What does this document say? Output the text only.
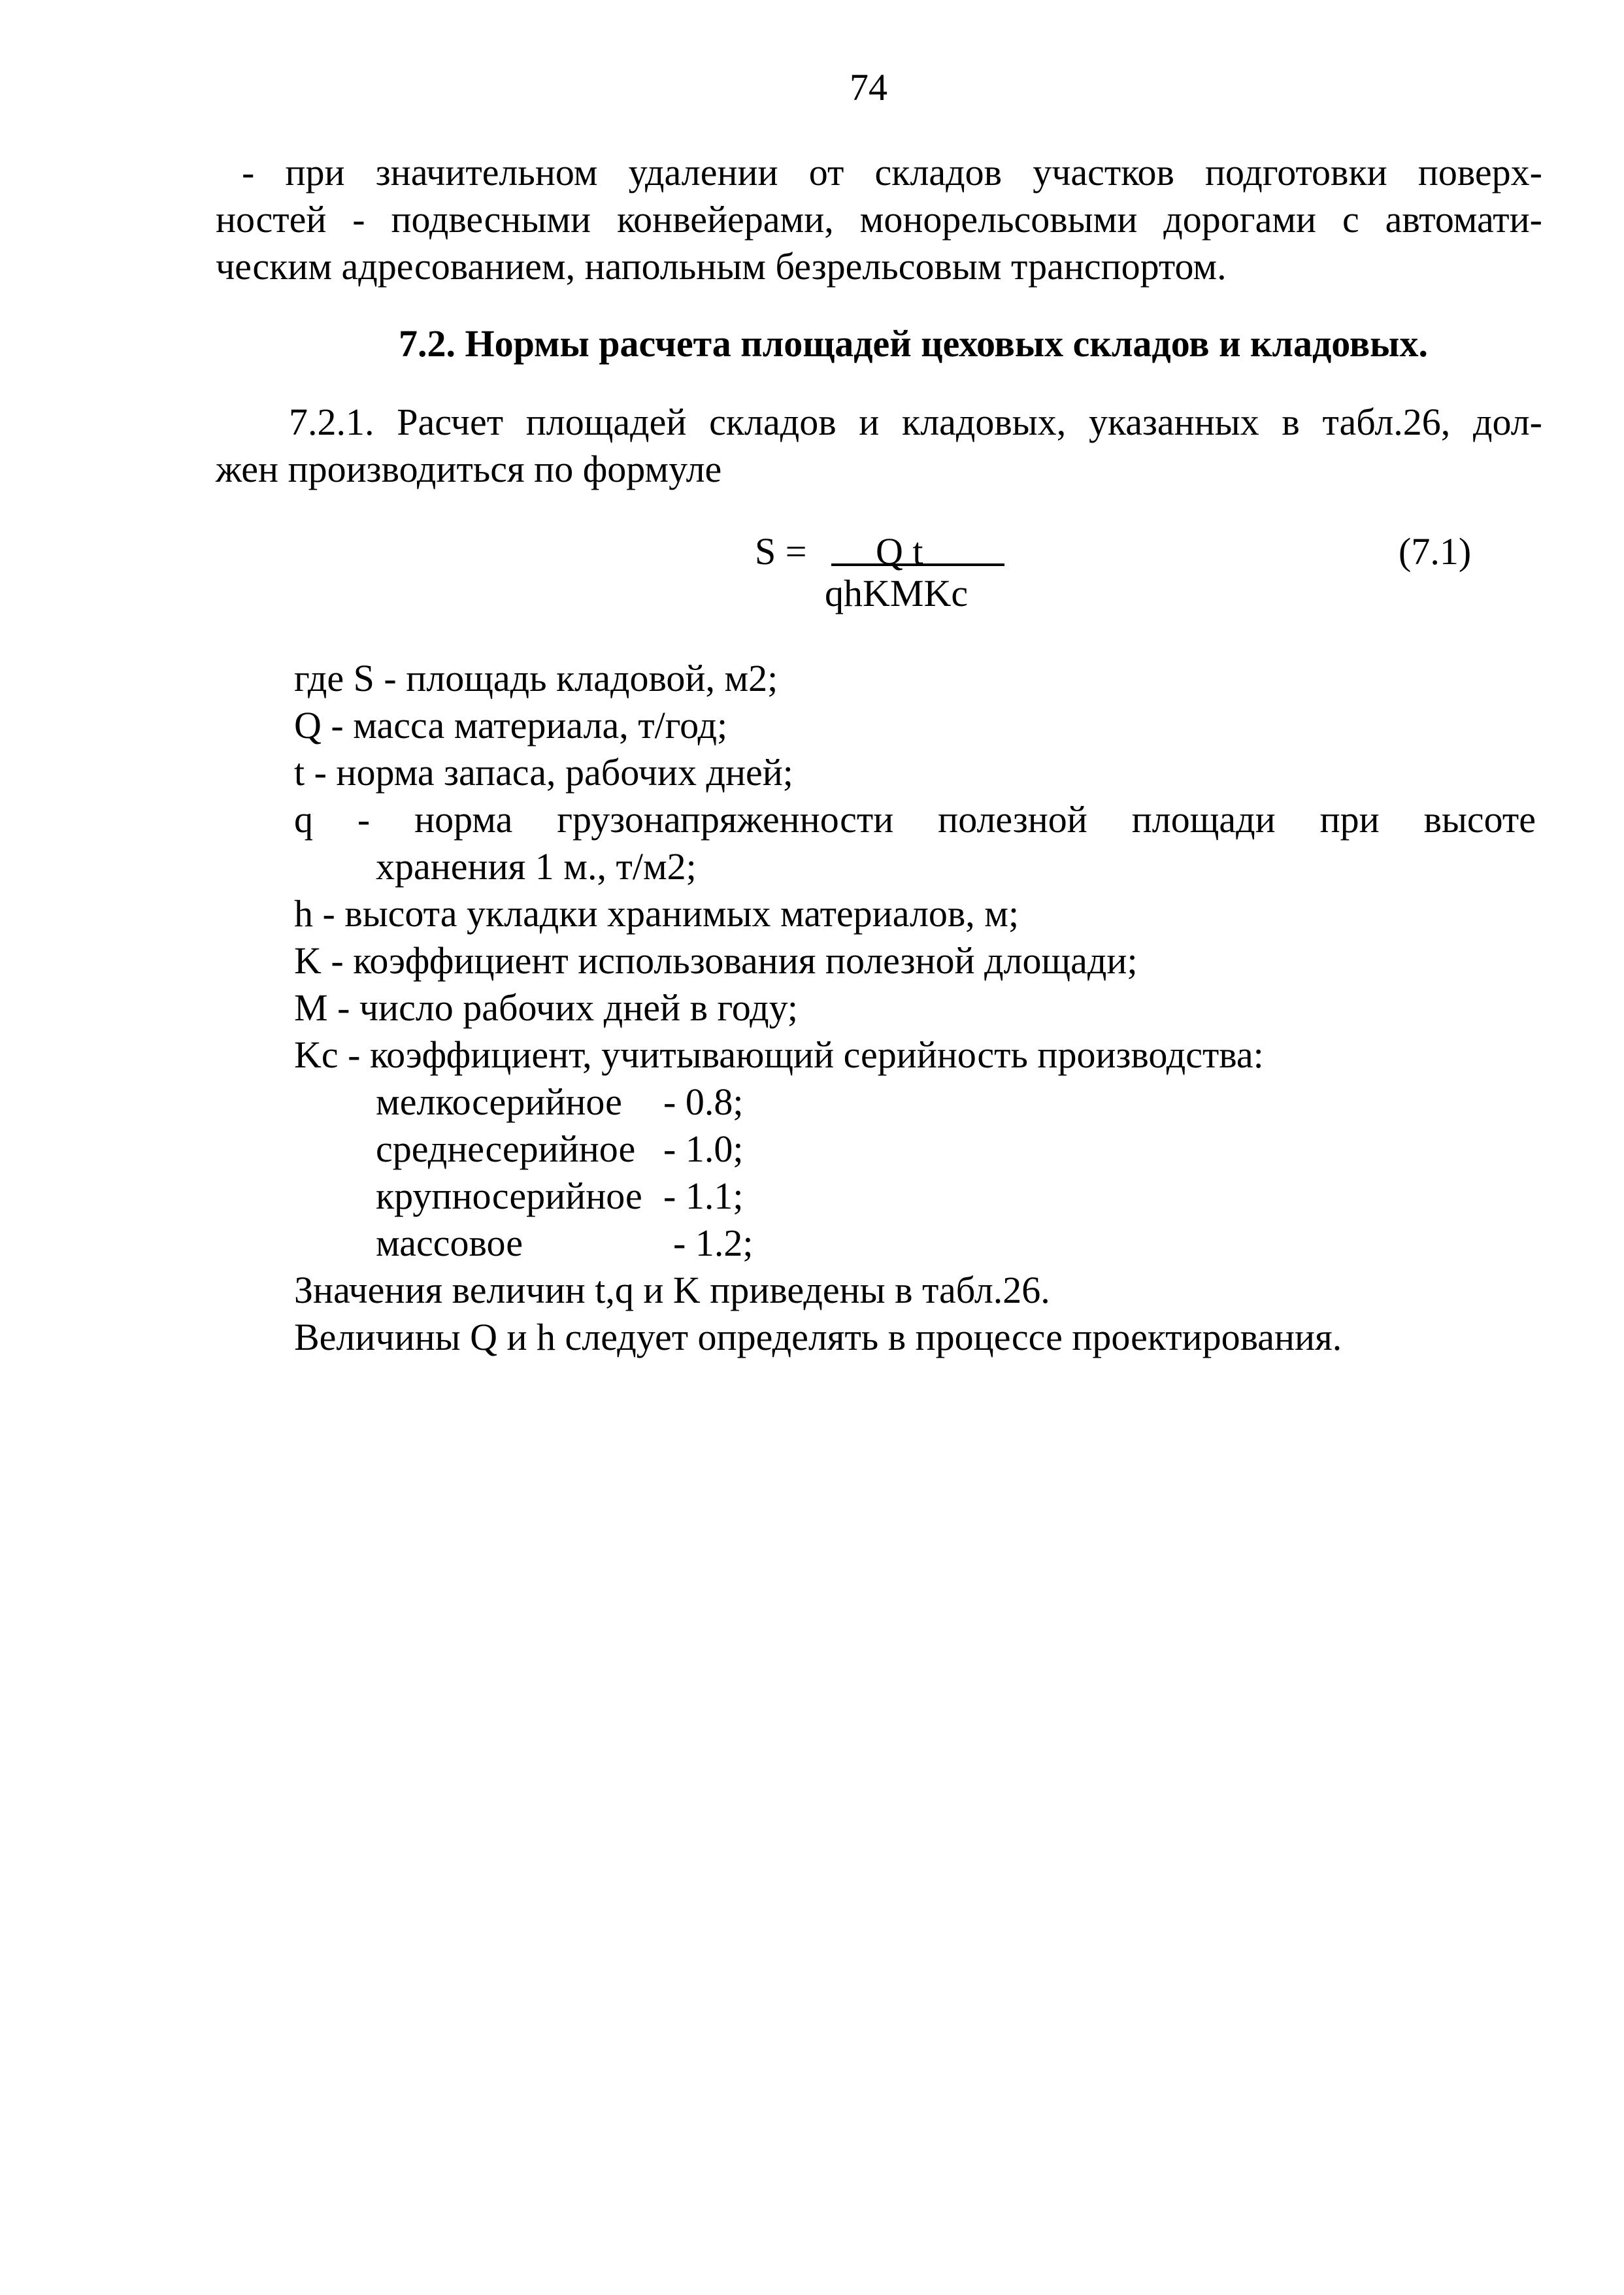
74
- при значительном удалении от складов участков подготовки поверх-
ностей - подвесными конвейерами, монорельсовыми дорогами с автомати-
ческим адресованием, напольным безрельсовым транспортом.
7.2. Нормы расчета площадей цеховых складов и кладовых.
7.2.1. Расчет площадей складов и кладовых, указанных в табл.26, дол-
жен производиться по формуле
S = Q t
qhKMKc
(7.1)
где S - площадь кладовой, м2;
Q - масса материала, т/год;
t - норма запаса, рабочих дней;
q - норма грузонапряженности полезной площади при высоте
хранения 1 м., т/м2;
h - высота укладки хранимых материалов, м;
K - коэффициент использования полезной длощади;
M - число рабочих дней в году;
Kc - коэффициент, учитывающий серийность производства:
мелкосерийное - 0.8;
среднесерийное - 1.0;
крупносерийное - 1.1;
массовое	- 1.2;
Значения величин t,q и K приведены в табл.26.
Величины Q и h следует определять в процессе проектирования.
